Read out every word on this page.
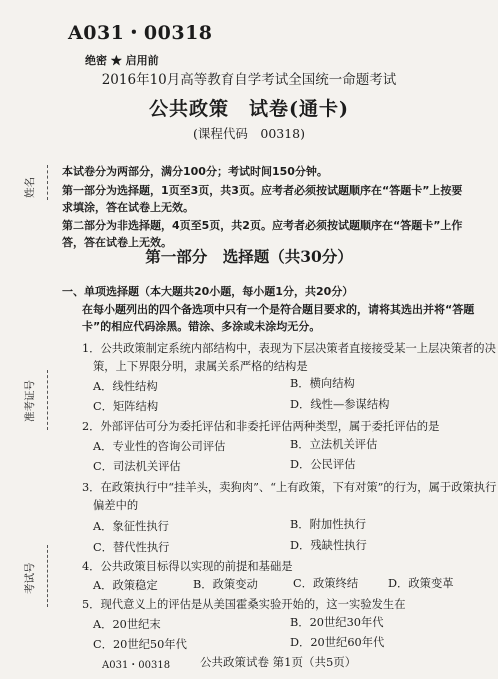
姓名
准考证号
考试号
A031・00318
绝密 ★ 启用前
2016年10月高等教育自学考试全国统一命题考试
公共政策　试卷(通卡)
(课程代码　00318)
本试卷分为两部分，满分100分；考试时间150分钟。
第一部分为选择题，1页至3页，共3页。应考者必须按试题顺序在“答题卡”上按要
求填涂，答在试卷上无效。
第二部分为非选择题，4页至5页，共2页。应考者必须按试题顺序在“答题卡”上作
答，答在试卷上无效。
第一部分　选择题（共30分）
一、单项选择题（本大题共20小题，每小题1分，共20分）
在每小题列出的四个备选项中只有一个是符合题目要求的，请将其选出并将“答题
卡”的相应代码涂黑。错涂、多涂或未涂均无分。
1．公共政策制定系统内部结构中，表现为下层决策者直接接受某一上层决策者的决
策，上下界限分明，隶属关系严格的结构是
A．线性结构	B．横向结构
C．矩阵结构	D．线性—参谋结构
2．外部评估可分为委托评估和非委托评估两种类型，属于委托评估的是
A．专业性的咨询公司评估	B．立法机关评估
C．司法机关评估	D．公民评估
3．在政策执行中“挂羊头，卖狗肉”、“上有政策，下有对策”的行为，属于政策执行
偏差中的
A．象征性执行	B．附加性执行
C．替代性执行	D．残缺性执行
4．公共政策目标得以实现的前提和基础是
A．政策稳定	B．政策变动	C．政策终结	D．政策变革
5．现代意义上的评估是从美国霍桑实验开始的，这一实验发生在
A．20世纪末	B．20世纪30年代
C．20世纪50年代	D．20世纪60年代
A031・00318	公共政策试卷 第1页（共5页）
